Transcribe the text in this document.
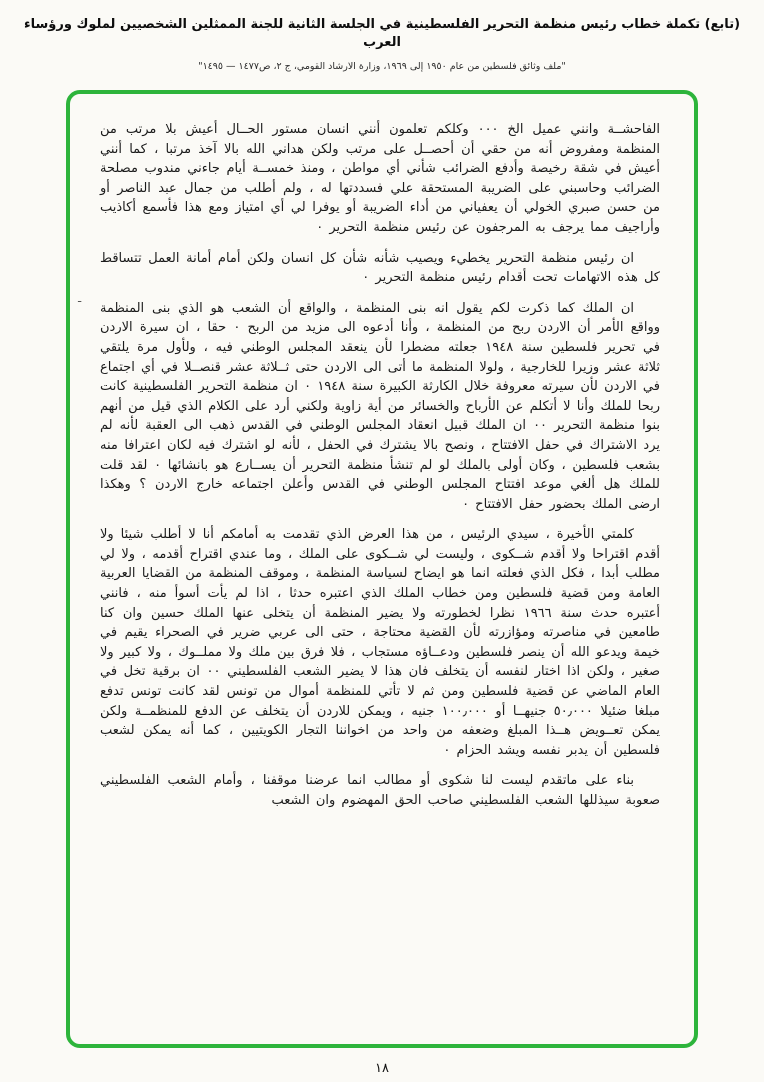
(تابع) تكملة خطاب رئيس منظمة التحرير الفلسطينية في الجلسة الثانية للجنة الممثلين الشخصيين لملوك ورؤساء العرب
"ملف وثائق فلسطين من عام ١٩٥٠ إلى ١٩٦٩، وزارة الارشاد القومي، ج ٢، ص١٤٧٧ — ١٤٩٥"
ـ

الفاحشــة وانني عميل الخ ٠٠٠ وكلكم تعلمون أنني انسان مستور الحــال أعيش بلا مرتب من المنظمة ومفروض أنه من حقي أن أحصــل على مرتب ولكن هداني الله بالا آخذ مرتبا ، كما أنني أعيش في شقة رخيصة وأدفع الضرائب شأني أي مواطن ، ومنذ خمســة أيام جاءني مندوب مصلحة الضرائب وحاسبني على الضريبة المستحقة علي فسددتها له ، ولم أطلب من جمال عبد الناصر أو من حسن صبري الخولي أن يعفياني من أداء الضريبة أو يوفرا لي أي امتياز ومع هذا فأسمع أكاذيب وأراجيف مما يرجف به المرجفون عن رئيس منظمة التحرير ٠

ان رئيس منظمة التحرير يخطيء ويصيب شأنه شأن كل انسان ولكن أمام أمانة العمل تتساقط كل هذه الاتهامات تحت أقدام رئيس منظمة التحرير ٠

ان الملك كما ذكرت لكم يقول انه بنى المنظمة ، والواقع أن الشعب هو الذي بنى المنظمة وواقع الأمر أن الاردن ربح من المنظمة ، وأنا أدعوه الى مزيد من الربح ٠ حقا ، ان سيرة الاردن في تحرير فلسطين سنة ١٩٤٨ جعلته مضطرا لأن ينعقد المجلس الوطني فيه ، ولأول مرة يلتقي ثلاثة عشر وزيرا للخارجية ، ولولا المنظمة ما أتى الى الاردن حتى ثــلاثة عشر قنصــلا في أي اجتماع في الاردن لأن سيرته معروفة خلال الكارثة الكبيرة سنة ١٩٤٨ ٠ ان منظمة التحرير الفلسطينية كانت ربحا للملك وأنا لا أتكلم عن الأرباح والخسائر من أية زاوية ولكني أرد على الكلام الذي قيل من أنهم بنوا منظمة التحرير ٠٠ ان الملك قبيل انعقاد المجلس الوطني في القدس ذهب الى العقبة لأنه لم يرد الاشتراك في حفل الافتتاح ، ونصح بالا يشترك في الحفل ، لأنه لو اشترك فيه لكان اعترافا منه بشعب فلسطين ، وكان أولى بالملك لو لم تنشأ منظمة التحرير أن يســارع هو بانشائها ٠ لقد قلت للملك هل ألغي موعد افتتاح المجلس الوطني في القدس وأعلن اجتماعه خارج الاردن ؟ وهكذا ارضى الملك بحضور حفل الافتتاح ٠

كلمتي الأخيرة ، سيدي الرئيس ، من هذا العرض الذي تقدمت به أمامكم أنا لا أطلب شيئا ولا أقدم اقتراحا ولا أقدم شــكوى ، وليست لي شــكوى على الملك ، وما عندي اقتراح أقدمه ، ولا لي مطلب أبدا ، فكل الذي فعلته انما هو ايضاح لسياسة المنظمة ، وموقف المنظمة من القضايا العربية العامة ومن قضية فلسطين ومن خطاب الملك الذي اعتبره حدثا ، اذا لم يأت أسوأ منه ، فانني أعتبره حدث سنة ١٩٦٦ نظرا لخطورته ولا يضير المنظمة أن يتخلى عنها الملك حسين وان كنا طامعين في مناصرته ومؤازرته لأن القضية محتاجة ، حتى الى عربي ضرير في الصحراء يقيم في خيمة ويدعو الله أن ينصر فلسطين ودعــاؤه مستجاب ، فلا فرق بين ملك ولا مملــوك ، ولا كبير ولا صغير ، ولكن اذا اختار لنفسه أن يتخلف فان هذا لا يضير الشعب الفلسطيني ٠٠ ان برقية تخل في العام الماضي عن قضية فلسطين ومن ثم لا تأتي للمنظمة أموال من تونس لقد كانت تونس تدفع مبلغا ضئيلا ٥٠٫٠٠٠ جنيهــا أو ١٠٠٫٠٠٠ جنيه ، ويمكن للاردن أن يتخلف عن الدفع للمنظمــة ولكن يمكن تعــويض هــذا المبلغ وضعفه من واحد من اخواننا التجار الكويتيين ، كما أنه يمكن لشعب فلسطين أن يدبر نفسه ويشد الحزام ٠

بناء على ماتقدم ليست لنا شكوى أو مطالب انما عرضنا موقفنا ، وأمام الشعب الفلسطيني صعوبة سيذللها الشعب الفلسطيني صاحب الحق المهضوم وان الشعب

١٨
